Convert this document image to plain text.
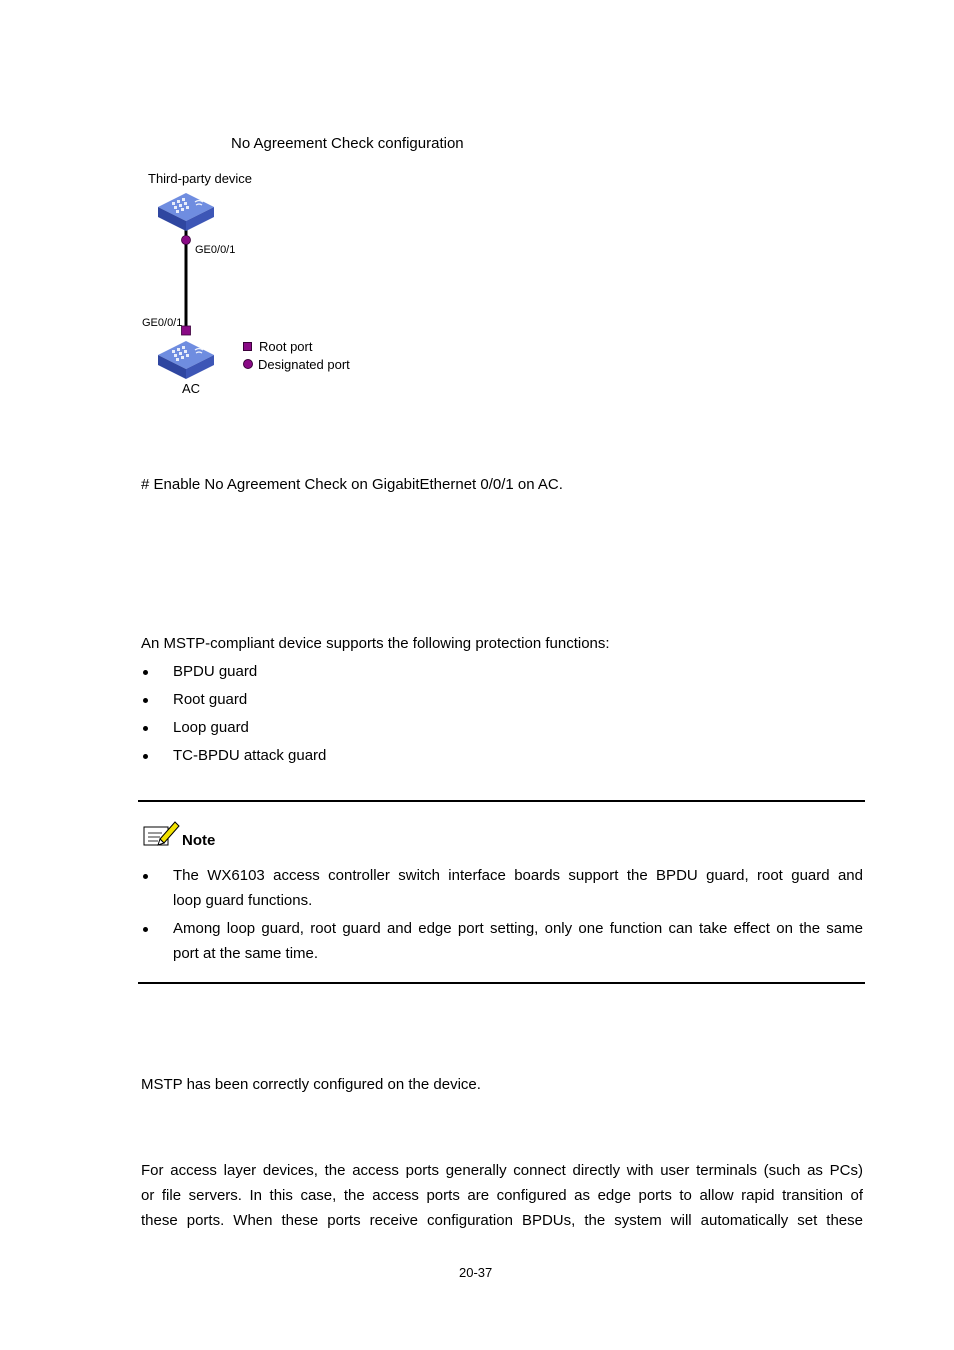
No Agreement Check configuration
Third-party device
GE0/0/1
GE0/0/1
AC
Root port
Designated port
# Enable No Agreement Check on GigabitEthernet 0/0/1 on AC.
An MSTP-compliant device supports the following protection functions:
BPDU guard
Root guard
Loop guard
TC-BPDU attack guard
Note
The WX6103 access controller switch interface boards support the BPDU guard, root guard and
loop guard functions.
Among loop guard, root guard and edge port setting, only one function can take effect on the same
port at the same time.
MSTP has been correctly configured on the device.
For access layer devices, the access ports generally connect directly with user terminals (such as PCs)
or file servers. In this case, the access ports are configured as edge ports to allow rapid transition of
these ports. When these ports receive configuration BPDUs, the system will automatically set these
20-37
